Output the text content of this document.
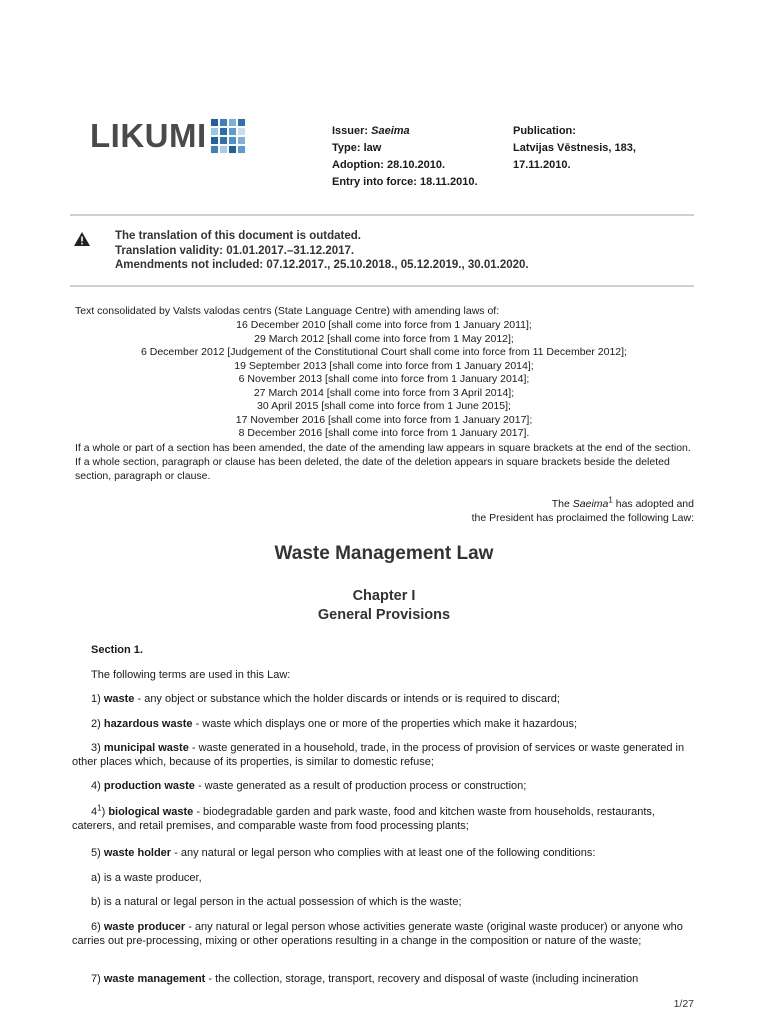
LIKUMI	Issuer: Saeima
Type: law
Adoption: 28.10.2010.
Entry into force: 18.11.2010.
Publication:
Latvijas Vēstnesis, 183,
17.11.2010.
The translation of this document is outdated.
Translation validity: 01.01.2017.–31.12.2017.
Amendments not included: 07.12.2017., 25.10.2018., 05.12.2019., 30.01.2020.
Text consolidated by Valsts valodas centrs (State Language Centre) with amending laws of:
16 December 2010 [shall come into force from 1 January 2011];
29 March 2012 [shall come into force from 1 May 2012];
6 December 2012 [Judgement of the Constitutional Court shall come into force from 11 December 2012];
19 September 2013 [shall come into force from 1 January 2014];
6 November 2013 [shall come into force from 1 January 2014];
27 March 2014 [shall come into force from 3 April 2014];
30 April 2015 [shall come into force from 1 June 2015];
17 November 2016 [shall come into force from 1 January 2017];
8 December 2016 [shall come into force from 1 January 2017].
If a whole or part of a section has been amended, the date of the amending law appears in square brackets at the end of the section. If a whole section, paragraph or clause has been deleted, the date of the deletion appears in square brackets beside the deleted section, paragraph or clause.
The Saeima$^1$ has adopted and
the President has proclaimed the following Law:
Waste Management Law
Chapter I
General Provisions
Section 1.
The following terms are used in this Law:
1) waste - any object or substance which the holder discards or intends or is required to discard;
2) hazardous waste - waste which displays one or more of the properties which make it hazardous;
3) municipal waste - waste generated in a household, trade, in the process of provision of services or waste generated in other places which, because of its properties, is similar to domestic refuse;
4) production waste - waste generated as a result of production process or construction;
$4^1$) biological waste - biodegradable garden and park waste, food and kitchen waste from households, restaurants, caterers, and retail premises, and comparable waste from food processing plants;
5) waste holder - any natural or legal person who complies with at least one of the following conditions:
a) is a waste producer,
b) is a natural or legal person in the actual possession of which is the waste;
6) waste producer - any natural or legal person whose activities generate waste (original waste producer) or anyone who carries out pre-processing, mixing or other operations resulting in a change in the composition or nature of the waste;
7) waste management - the collection, storage, transport, recovery and disposal of waste (including incineration
1/27
